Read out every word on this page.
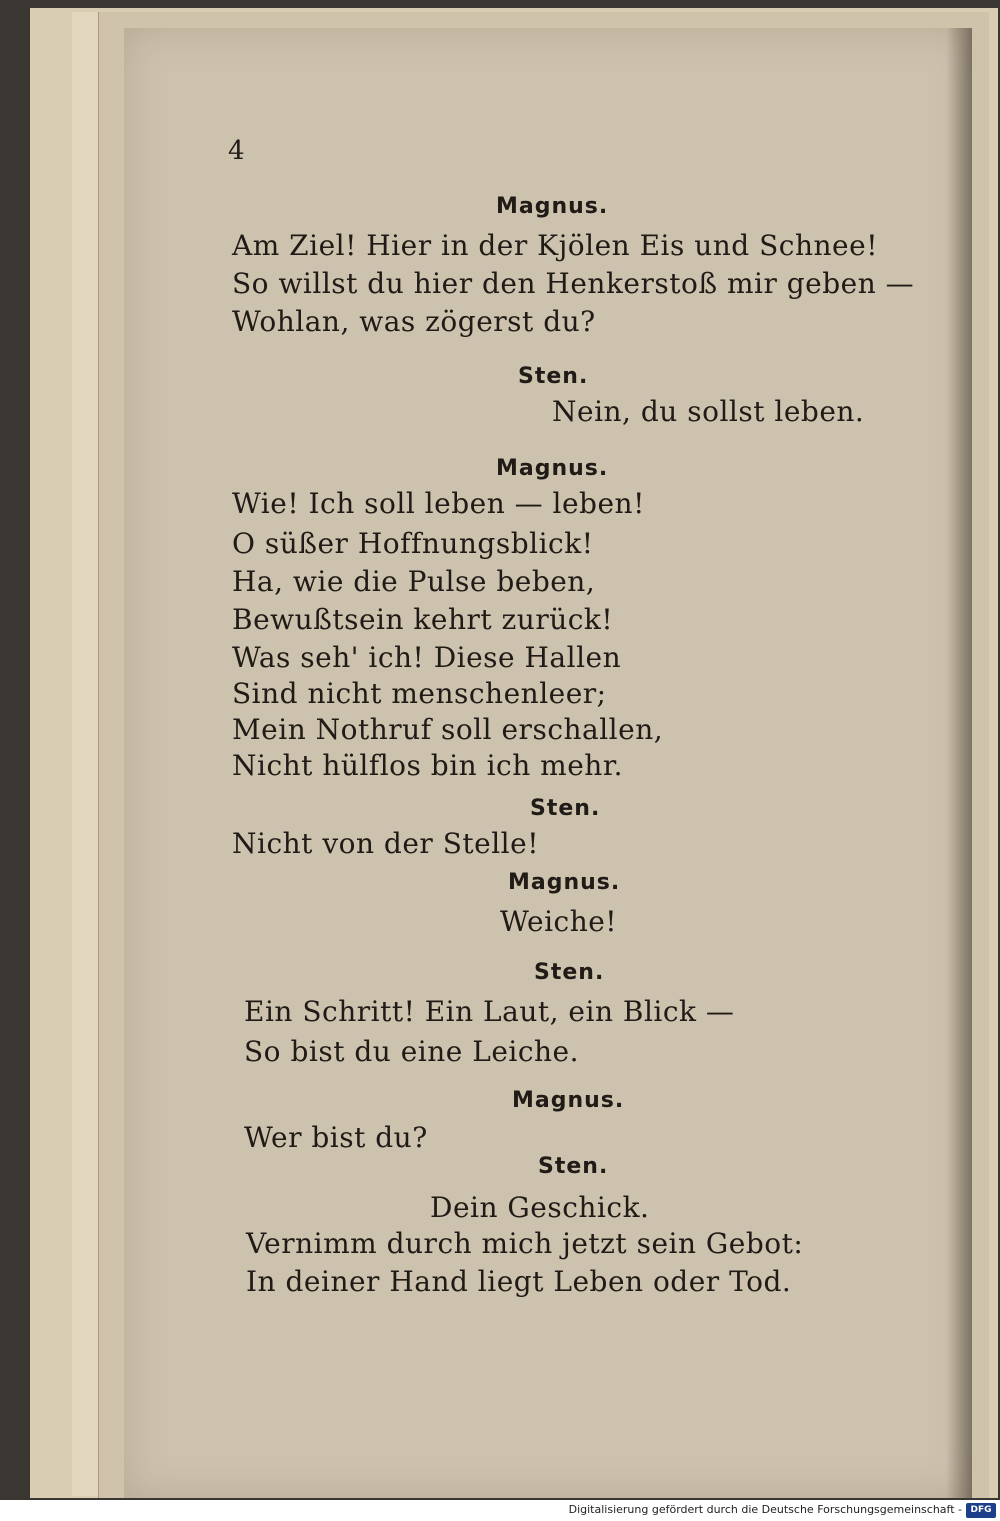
4
Magnus.
Am Ziel! Hier in der Kjölen Eis und Schnee!
So willst du hier den Henkerstoß mir geben —
Wohlan, was zögerst du?
Sten.
Nein, du sollst leben.
Magnus.
Wie! Ich soll leben — leben!
O süßer Hoffnungsblick!
Ha, wie die Pulse beben,
Bewußtsein kehrt zurück!
Was seh' ich! Diese Hallen
Sind nicht menschenleer;
Mein Nothruf soll erschallen,
Nicht hülflos bin ich mehr.
Sten.
Nicht von der Stelle!
Magnus.
Weiche!
Sten.
Ein Schritt! Ein Laut, ein Blick —
So bist du eine Leiche.
Magnus.
Wer bist du?
Sten.
Dein Geschick.
Vernimm durch mich jetzt sein Gebot:
In deiner Hand liegt Leben oder Tod.
Digitalisierung gefördert durch die Deutsche Forschungsgemeinschaft - DFG
